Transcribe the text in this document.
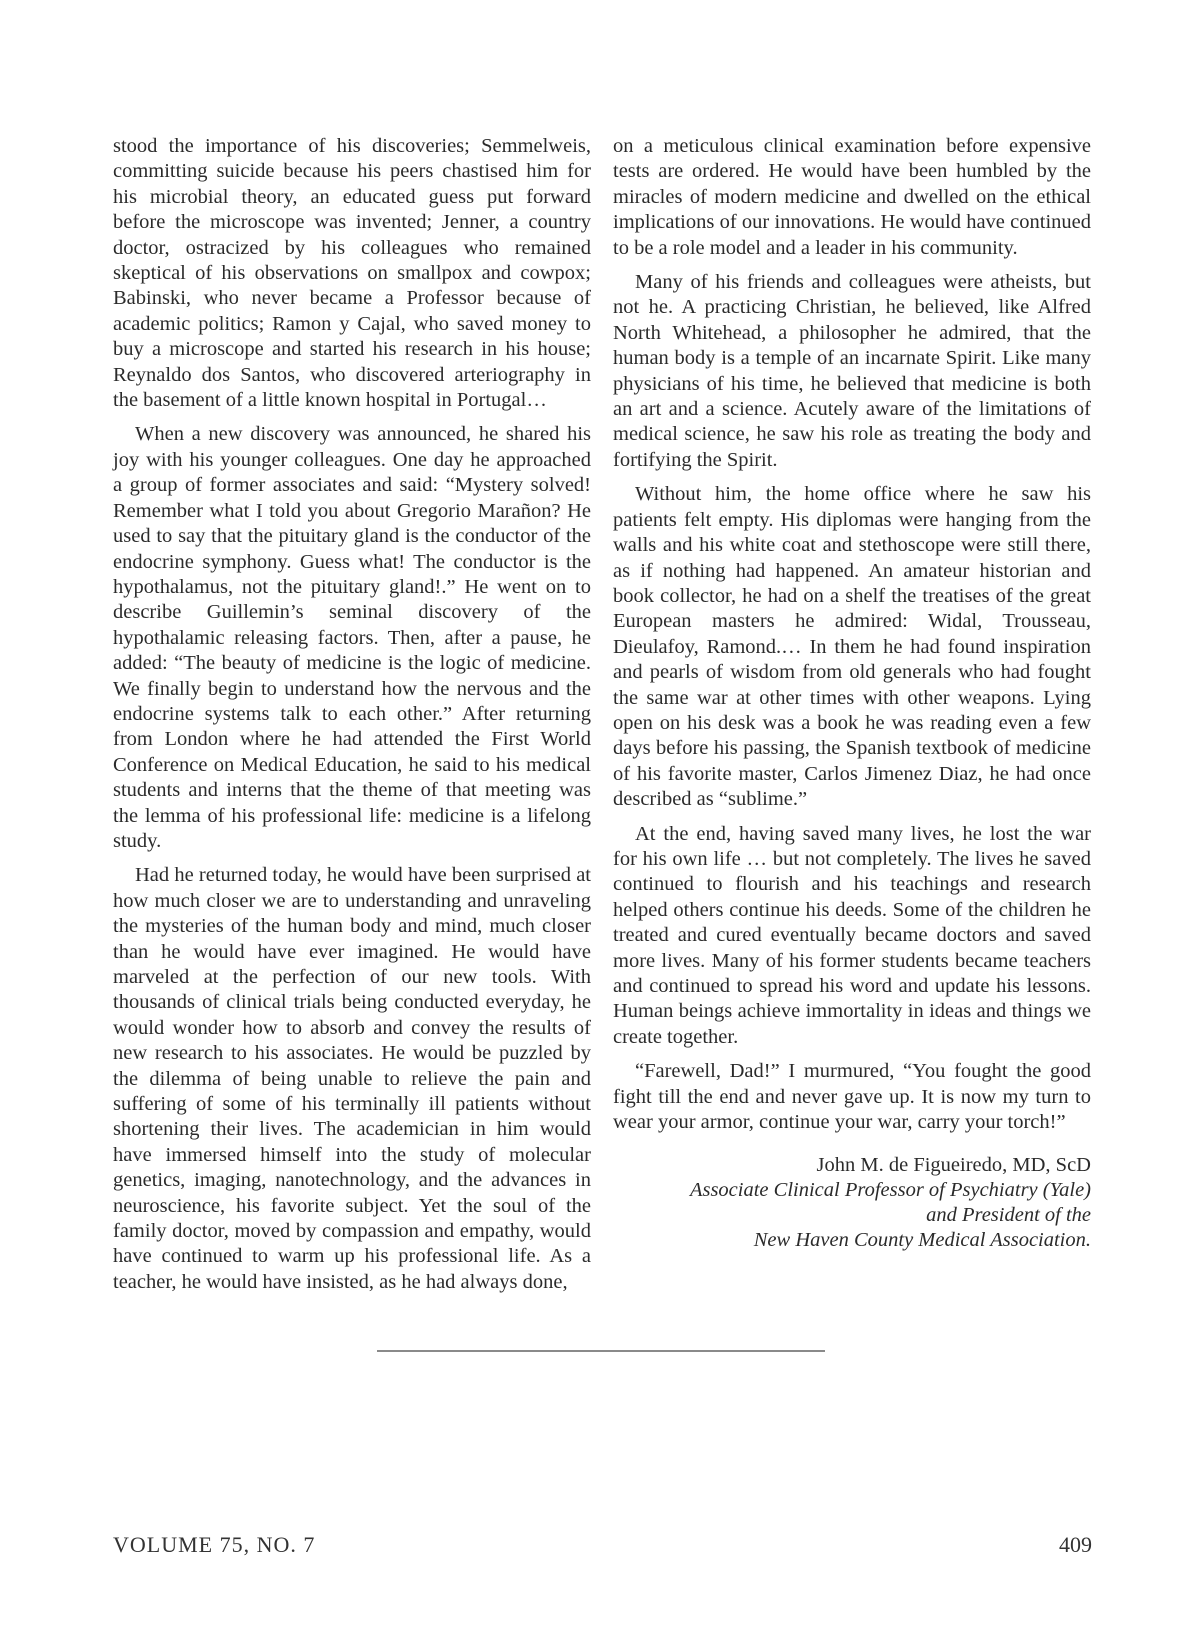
stood the importance of his discoveries; Semmelweis, committing suicide because his peers chastised him for his microbial theory, an educated guess put forward before the microscope was invented; Jenner, a country doctor, ostracized by his colleagues who remained skeptical of his observations on smallpox and cowpox; Babinski, who never became a Professor because of academic politics; Ramon y Cajal, who saved money to buy a microscope and started his research in his house; Reynaldo dos Santos, who discovered arteriography in the basement of a little known hospital in Portugal…

When a new discovery was announced, he shared his joy with his younger colleagues. One day he approached a group of former associates and said: “Mystery solved! Remember what I told you about Gregorio Marañon? He used to say that the pituitary gland is the conductor of the endocrine symphony. Guess what! The conductor is the hypothalamus, not the pituitary gland!.” He went on to describe Guillemin’s seminal discovery of the hypothalamic releasing factors. Then, after a pause, he added: “The beauty of medicine is the logic of medicine. We finally begin to understand how the nervous and the endocrine systems talk to each other.” After returning from London where he had attended the First World Conference on Medical Education, he said to his medical students and interns that the theme of that meeting was the lemma of his professional life: medicine is a lifelong study.

Had he returned today, he would have been surprised at how much closer we are to understanding and unraveling the mysteries of the human body and mind, much closer than he would have ever imagined. He would have marveled at the perfection of our new tools. With thousands of clinical trials being conducted everyday, he would wonder how to absorb and convey the results of new research to his associates. He would be puzzled by the dilemma of being unable to relieve the pain and suffering of some of his terminally ill patients without shortening their lives. The academician in him would have immersed himself into the study of molecular genetics, imaging, nanotechnology, and the advances in neuroscience, his favorite subject. Yet the soul of the family doctor, moved by compassion and empathy, would have continued to warm up his professional life. As a teacher, he would have insisted, as he had always done,

on a meticulous clinical examination before expensive tests are ordered. He would have been humbled by the miracles of modern medicine and dwelled on the ethical implications of our innovations. He would have continued to be a role model and a leader in his community.

Many of his friends and colleagues were atheists, but not he. A practicing Christian, he believed, like Alfred North Whitehead, a philosopher he admired, that the human body is a temple of an incarnate Spirit. Like many physicians of his time, he believed that medicine is both an art and a science. Acutely aware of the limitations of medical science, he saw his role as treating the body and fortifying the Spirit.

Without him, the home office where he saw his patients felt empty. His diplomas were hanging from the walls and his white coat and stethoscope were still there, as if nothing had happened. An amateur historian and book collector, he had on a shelf the treatises of the great European masters he admired: Widal, Trousseau, Dieulafoy, Ramond.… In them he had found inspiration and pearls of wisdom from old generals who had fought the same war at other times with other weapons. Lying open on his desk was a book he was reading even a few days before his passing, the Spanish textbook of medicine of his favorite master, Carlos Jimenez Diaz, he had once described as “sublime.”

At the end, having saved many lives, he lost the war for his own life … but not completely. The lives he saved continued to flourish and his teachings and research helped others continue his deeds. Some of the children he treated and cured eventually became doctors and saved more lives. Many of his former students became teachers and continued to spread his word and update his lessons. Human beings achieve immortality in ideas and things we create together.

“Farewell, Dad!” I murmured, “You fought the good fight till the end and never gave up. It is now my turn to wear your armor, continue your war, carry your torch!”

John M. de Figueiredo, MD, ScD
Associate Clinical Professor of Psychiatry (Yale)
and President of the
New Haven County Medical Association.
VOLUME 75, NO. 7	409
